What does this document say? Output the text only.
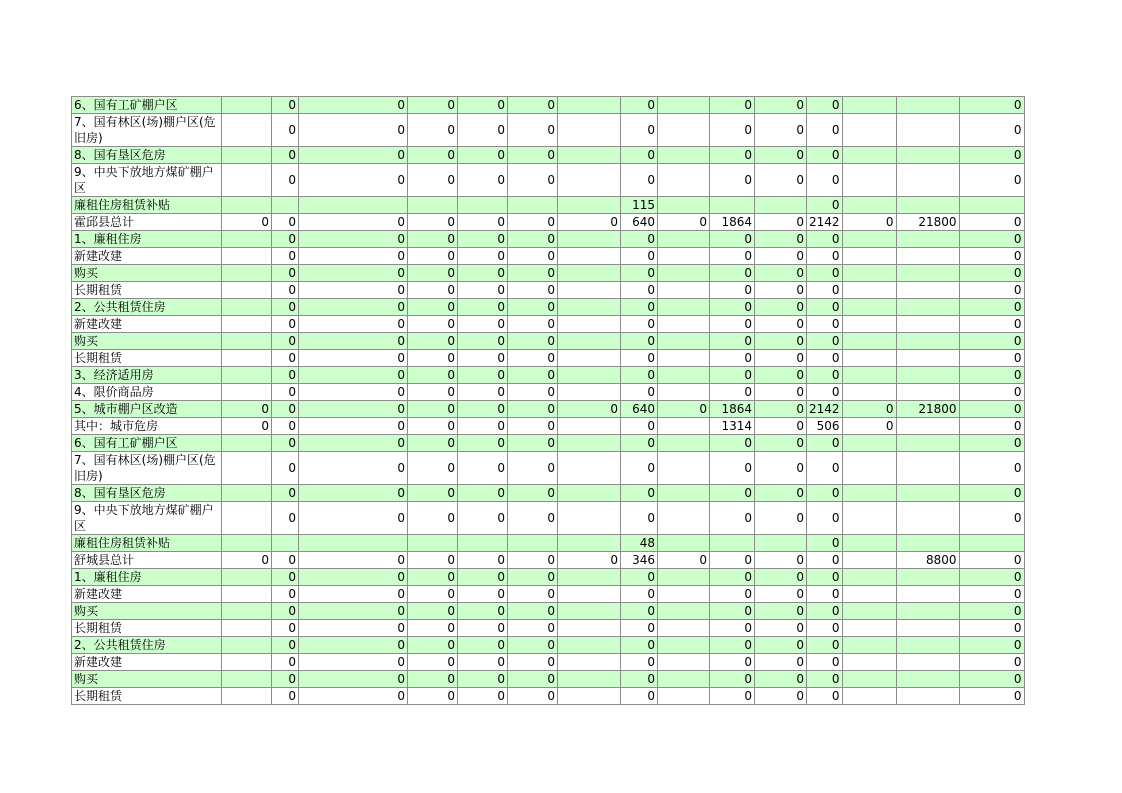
6、国有工矿棚户区		0	0	0	0	0		0		0	0	0			0
7、国有林区(场)棚户区(危旧房)		0	0	0	0	0		0		0	0	0			0
8、国有垦区危房		0	0	0	0	0		0		0	0	0			0
9、中央下放地方煤矿棚户区		0	0	0	0	0		0		0	0	0			0
廉租住房租赁补贴								115				0			
霍邱县总计	0	0	0	0	0	0	0	640	0	1864	0	2142	0	21800	0
1、廉租住房		0	0	0	0	0		0		0	0	0			0
新建改建		0	0	0	0	0		0		0	0	0			0
购买		0	0	0	0	0		0		0	0	0			0
长期租赁		0	0	0	0	0		0		0	0	0			0
2、公共租赁住房		0	0	0	0	0		0		0	0	0			0
新建改建		0	0	0	0	0		0		0	0	0			0
购买		0	0	0	0	0		0		0	0	0			0
长期租赁		0	0	0	0	0		0		0	0	0			0
3、经济适用房		0	0	0	0	0		0		0	0	0			0
4、限价商品房		0	0	0	0	0		0		0	0	0			0
5、城市棚户区改造	0	0	0	0	0	0	0	640	0	1864	0	2142	0	21800	0
其中：城市危房	0	0	0	0	0	0		0		1314	0	506	0		0
6、国有工矿棚户区		0	0	0	0	0		0		0	0	0			0
7、国有林区(场)棚户区(危旧房)		0	0	0	0	0		0		0	0	0			0
8、国有垦区危房		0	0	0	0	0		0		0	0	0			0
9、中央下放地方煤矿棚户区		0	0	0	0	0		0		0	0	0			0
廉租住房租赁补贴								48				0			
舒城县总计	0	0	0	0	0	0	0	346	0	0	0	0		8800	0
1、廉租住房		0	0	0	0	0		0		0	0	0			0
新建改建		0	0	0	0	0		0		0	0	0			0
购买		0	0	0	0	0		0		0	0	0			0
长期租赁		0	0	0	0	0		0		0	0	0			0
2、公共租赁住房		0	0	0	0	0		0		0	0	0			0
新建改建		0	0	0	0	0		0		0	0	0			0
购买		0	0	0	0	0		0		0	0	0			0
长期租赁		0	0	0	0	0		0		0	0	0			0
